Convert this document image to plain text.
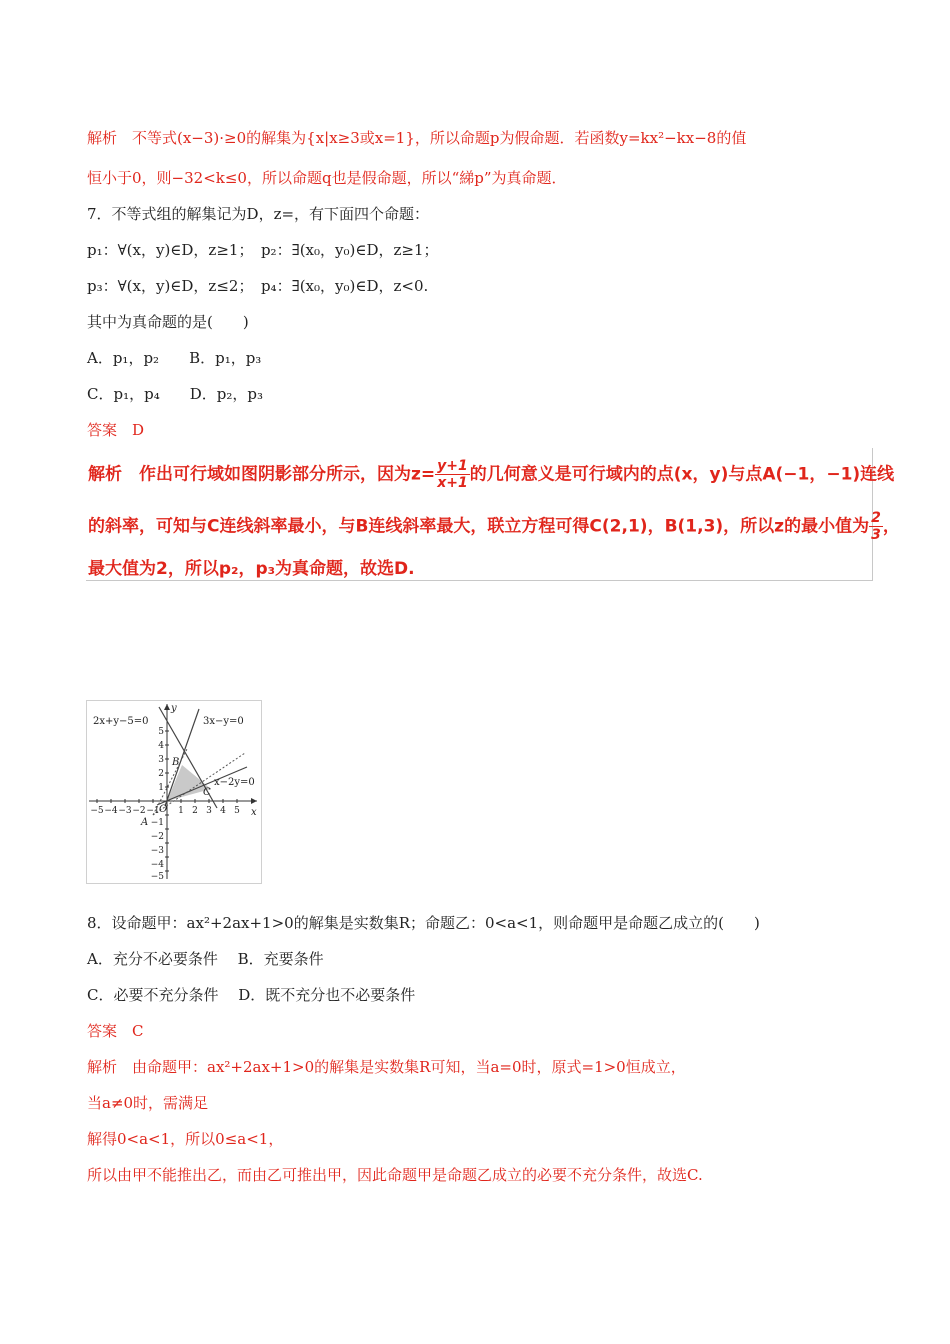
解析　不等式(x−3)·≥0的解集为{x|x≥3或x=1}，所以命题p为假命题．若函数y=kx²−kx−8的值
恒小于0，则−32<k≤0，所以命题q也是假命题，所以“綈p”为真命题．
7．不等式组的解集记为D，z=，有下面四个命题：
p₁：∀(x，y)∈D，z≥1；　p₂：∃(x₀，y₀)∈D，z≥1；
p₃：∀(x，y)∈D，z≤2；　p₄：∃(x₀，y₀)∈D，z<0.
其中为真命题的是(　　)
A．p₁，p₂　　B．p₁，p₃
C．p₁，p₄　　D．p₂，p₃
答案　D
解析　作出可行域如图阴影部分所示，因为$z= \frac{y+1}{x+1}$ 的几何意义是可行域内的点(x，y)与点A(−1，−1)连线
的斜率，可知与C连线斜率最小，与B连线斜率最大，联立方程可得C(2,1)，B(1,3)，所以z的最小值为 $\frac{2}{3}$ ，
最大值为2，所以p₂，p₃为真命题，故选D.
2x+y−5=0	3x−y=0
x−2y=0
x
y
O
A
B
C
−5 −4 −3 −2 −1 1 2 3 4 5
5
4
3
2
1
−1
−2
−3
−4
−5
8．设命题甲：ax²+2ax+1>0的解集是实数集R；命题乙：0<a<1，则命题甲是命题乙成立的(　　)
A．充分不必要条件　 B．充要条件
C．必要不充分条件　 D．既不充分也不必要条件
答案　C
解析　由命题甲：ax²+2ax+1>0的解集是实数集R可知，当a=0时，原式=1>0恒成立，
当a≠0时，需满足
解得0<a<1，所以0≤a<1，
所以由甲不能推出乙，而由乙可推出甲，因此命题甲是命题乙成立的必要不充分条件，故选C.
